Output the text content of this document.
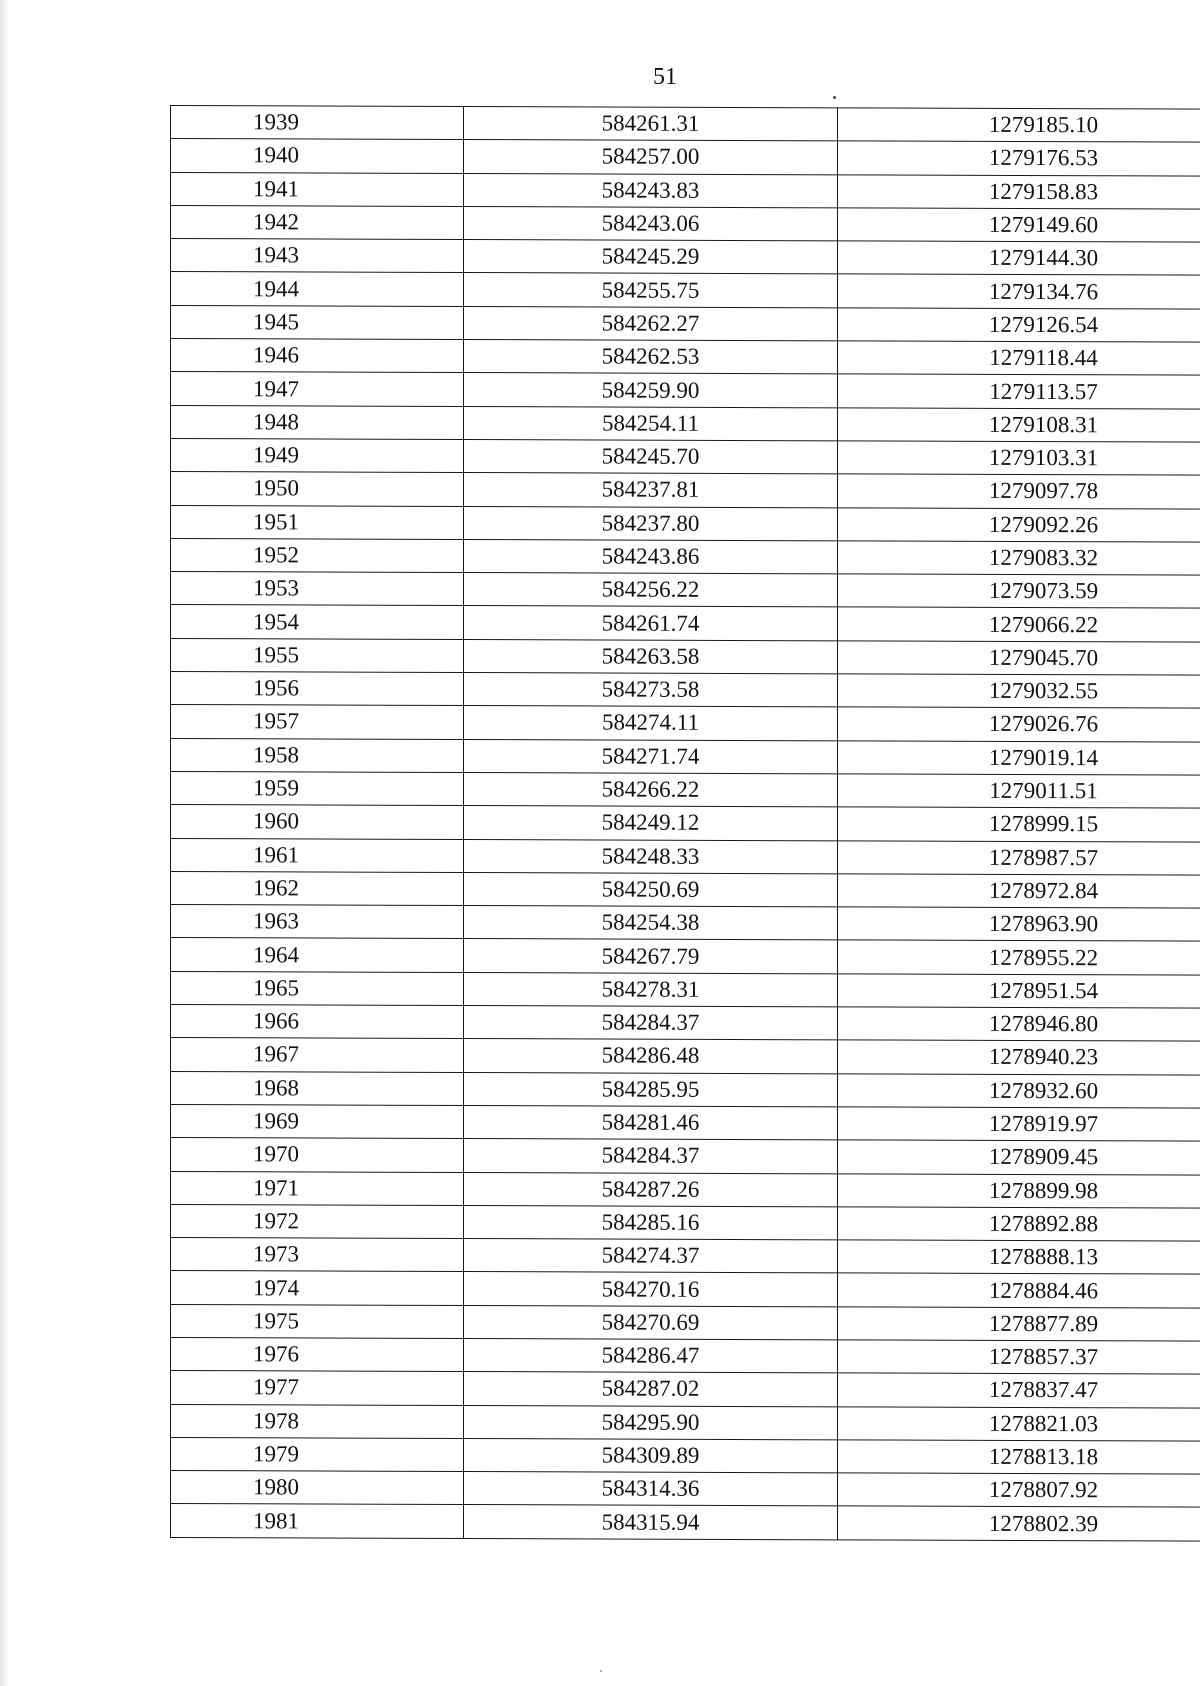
51
1939	584261.31	1279185.10
1940	584257.00	1279176.53
1941	584243.83	1279158.83
1942	584243.06	1279149.60
1943	584245.29	1279144.30
1944	584255.75	1279134.76
1945	584262.27	1279126.54
1946	584262.53	1279118.44
1947	584259.90	1279113.57
1948	584254.11	1279108.31
1949	584245.70	1279103.31
1950	584237.81	1279097.78
1951	584237.80	1279092.26
1952	584243.86	1279083.32
1953	584256.22	1279073.59
1954	584261.74	1279066.22
1955	584263.58	1279045.70
1956	584273.58	1279032.55
1957	584274.11	1279026.76
1958	584271.74	1279019.14
1959	584266.22	1279011.51
1960	584249.12	1278999.15
1961	584248.33	1278987.57
1962	584250.69	1278972.84
1963	584254.38	1278963.90
1964	584267.79	1278955.22
1965	584278.31	1278951.54
1966	584284.37	1278946.80
1967	584286.48	1278940.23
1968	584285.95	1278932.60
1969	584281.46	1278919.97
1970	584284.37	1278909.45
1971	584287.26	1278899.98
1972	584285.16	1278892.88
1973	584274.37	1278888.13
1974	584270.16	1278884.46
1975	584270.69	1278877.89
1976	584286.47	1278857.37
1977	584287.02	1278837.47
1978	584295.90	1278821.03
1979	584309.89	1278813.18
1980	584314.36	1278807.92
1981	584315.94	1278802.39
